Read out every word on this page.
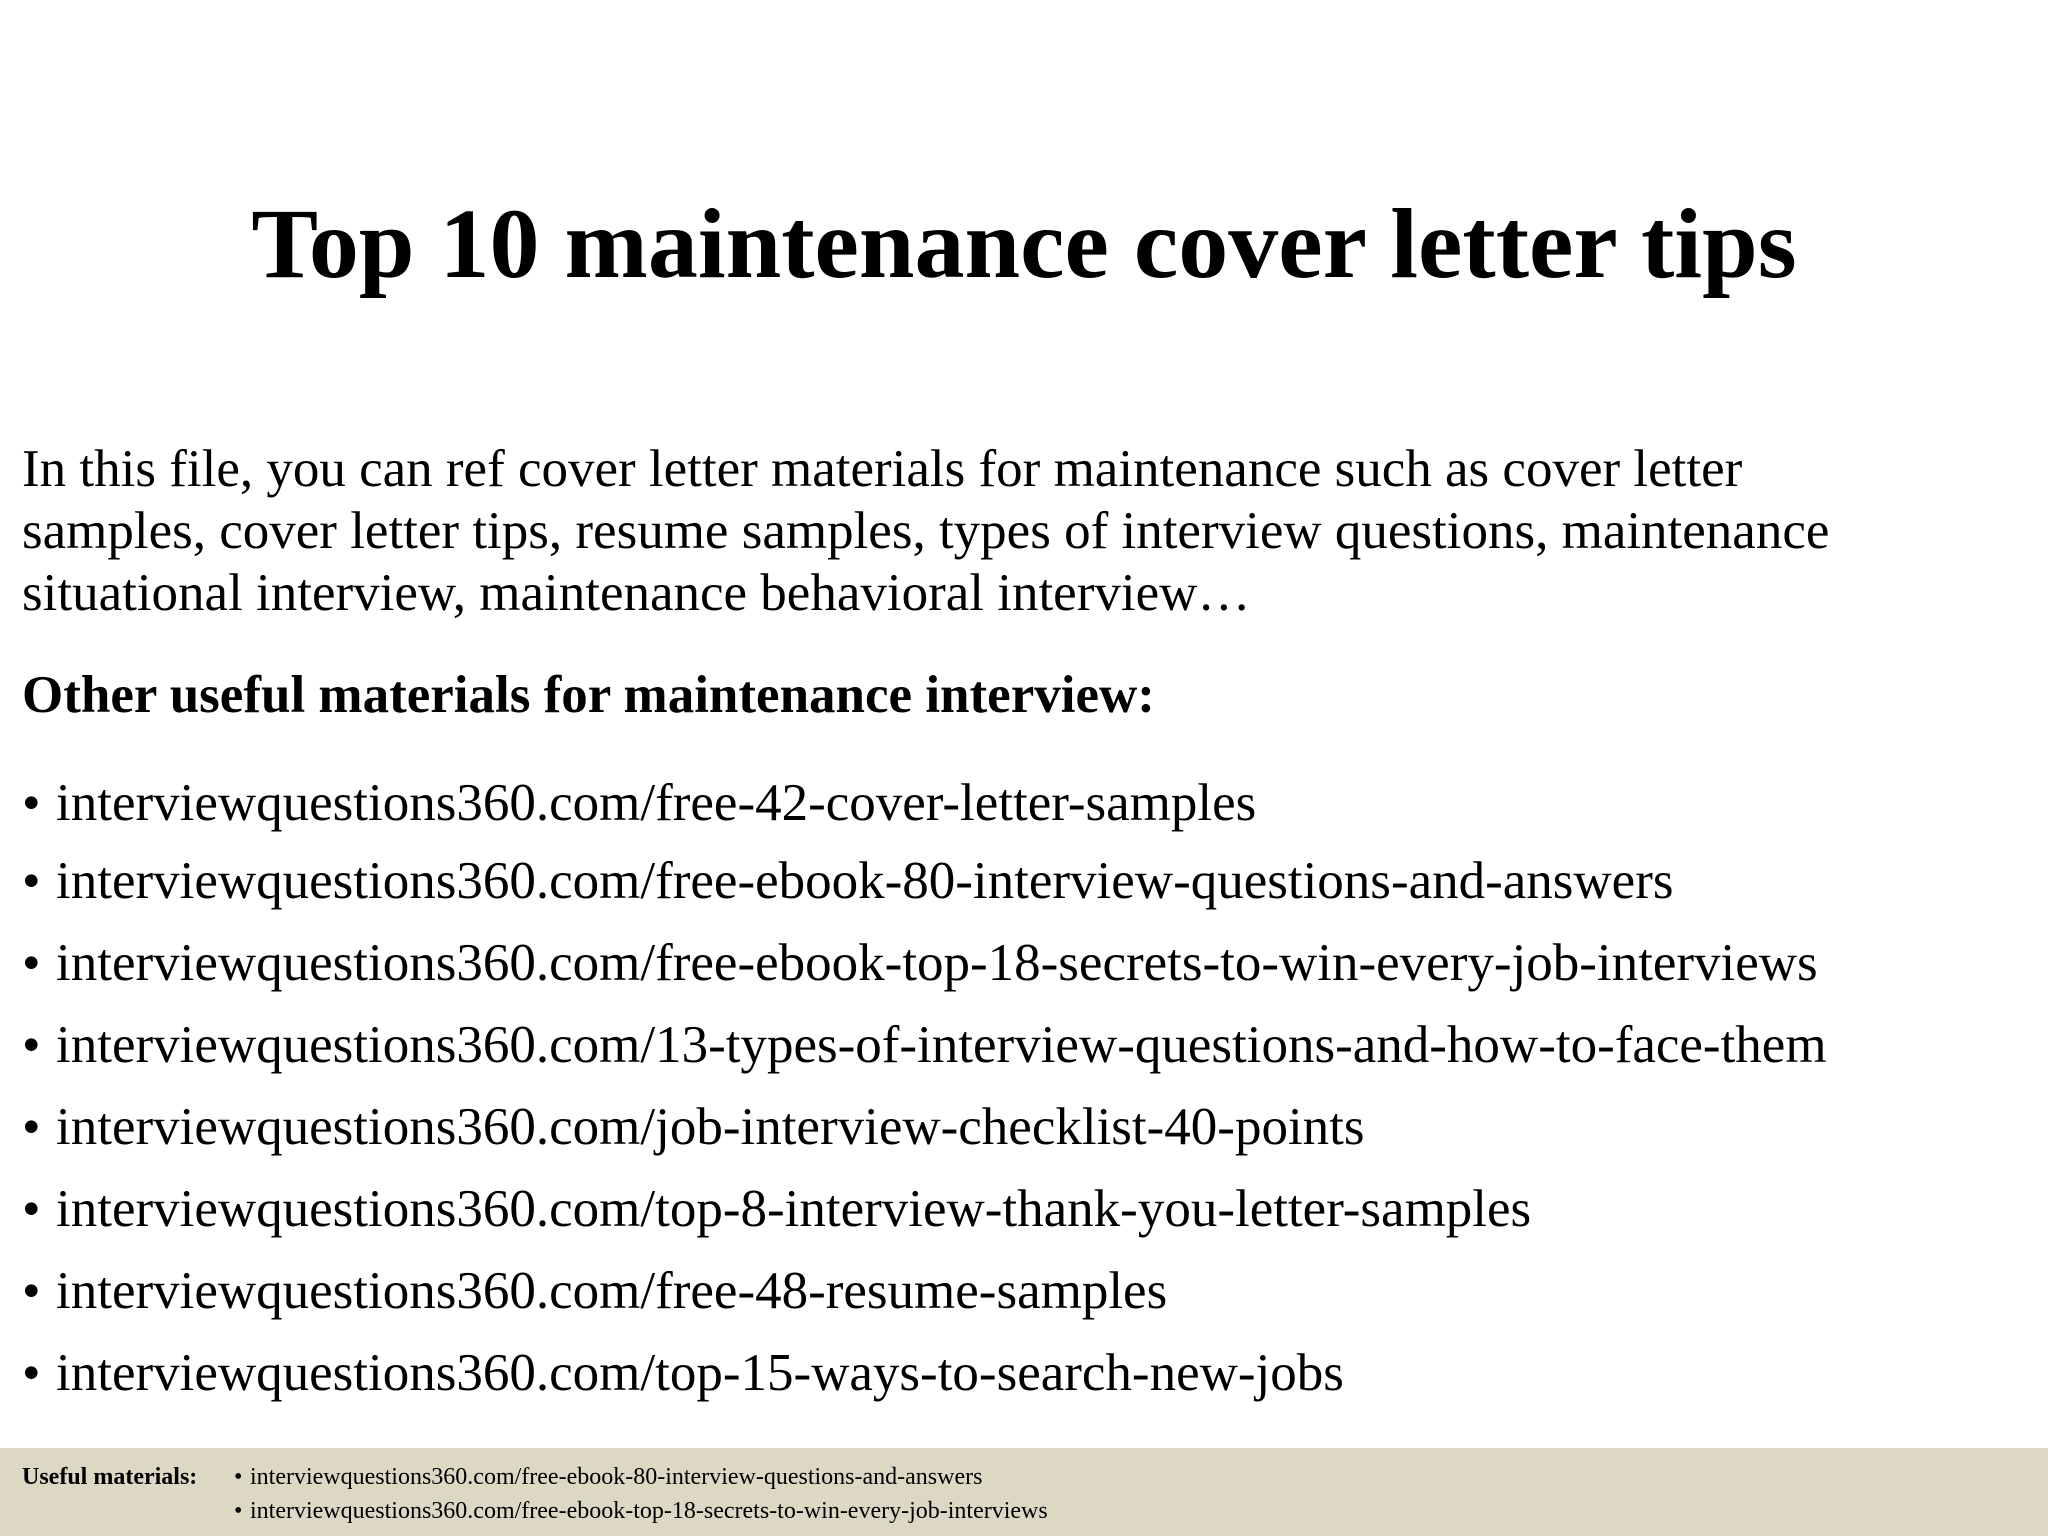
Top 10 maintenance cover letter tips

In this file, you can ref cover letter materials for maintenance such as cover letter
samples, cover letter tips, resume samples, types of interview questions, maintenance
situational interview, maintenance behavioral interview…

Other useful materials for maintenance interview:

• interviewquestions360.com/free-42-cover-letter-samples
• interviewquestions360.com/free-ebook-80-interview-questions-and-answers
• interviewquestions360.com/free-ebook-top-18-secrets-to-win-every-job-interviews
• interviewquestions360.com/13-types-of-interview-questions-and-how-to-face-them
• interviewquestions360.com/job-interview-checklist-40-points
• interviewquestions360.com/top-8-interview-thank-you-letter-samples
• interviewquestions360.com/free-48-resume-samples
• interviewquestions360.com/top-15-ways-to-search-new-jobs
Useful materials: • interviewquestions360.com/free-ebook-80-interview-questions-and-answers
• interviewquestions360.com/free-ebook-top-18-secrets-to-win-every-job-interviews
